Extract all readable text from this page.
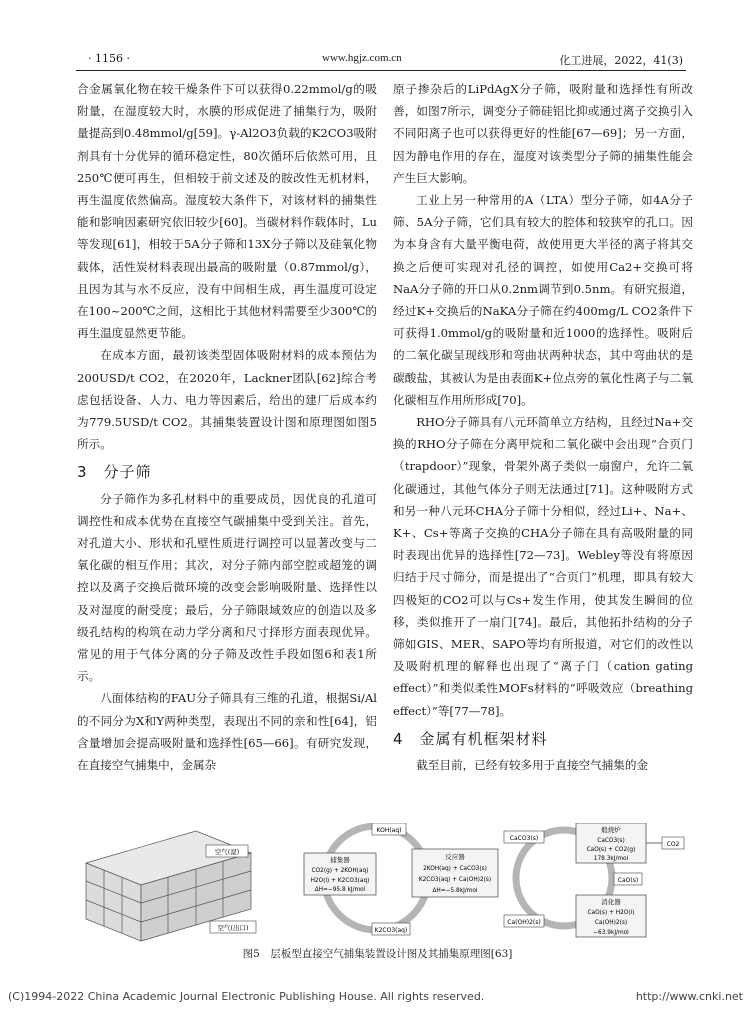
· 1156 ·	www.hgjz.com.cn	化工进展，2022，41(3)

合金属氧化物在较干燥条件下可以获得0.22mmol/g的吸附量，在湿度较大时，水膜的形成促进了捕集行为，吸附量提高到0.48mmol/g[59]。γ-Al2O3负载的K2CO3吸附剂具有十分优异的循环稳定性，80次循环后依然可用，且250℃便可再生，但相较于前文述及的胺改性无机材料，再生温度依然偏高。湿度较大条件下，对该材料的捕集性能和影响因素研究依旧较少[60]。当碳材料作载体时，Lu等发现[61]，相较于5A分子筛和13X分子筛以及硅氧化物载体，活性炭材料表现出最高的吸附量（0.87mmol/g），且因为其与水不反应，没有中间相生成，再生温度可设定在100~200℃之间，这相比于其他材料需要至少300℃的再生温度显然更节能。

在成本方面，最初该类型固体吸附材料的成本预估为200USD/t CO2，在2020年，Lackner团队[62]综合考虑包括设备、人力、电力等因素后，给出的建厂后成本约为779.5USD/t CO2。其捕集装置设计图和原理图如图5所示。

3　分子筛

分子筛作为多孔材料中的重要成员，因优良的孔道可调控性和成本优势在直接空气碳捕集中受到关注。首先，对孔道大小、形状和孔壁性质进行调控可以显著改变与二氧化碳的相互作用；其次，对分子筛内部空腔或超笼的调控以及离子交换后微环境的改变会影响吸附量、选择性以及对湿度的耐受度；最后，分子筛限域效应的创造以及多级孔结构的构筑在动力学分离和尺寸择形方面表现优异。常见的用于气体分离的分子筛及改性手段如图6和表1所示。

八面体结构的FAU分子筛具有三维的孔道，根据Si/Al的不同分为X和Y两种类型，表现出不同的亲和性[64]，铝含量增加会提高吸附量和选择性[65—66]。有研究发现，在直接空气捕集中，金属杂

原子掺杂后的LiPdAgX分子筛，吸附量和选择性有所改善，如图7所示，调变分子筛硅铝比抑或通过离子交换引入不同阳离子也可以获得更好的性能[67—69]；另一方面，因为静电作用的存在，湿度对该类型分子筛的捕集性能会产生巨大影响。

工业上另一种常用的A（LTA）型分子筛，如4A分子筛、5A分子筛，它们具有较大的腔体和较狭窄的孔口。因为本身含有大量平衡电荷，故使用更大半径的离子将其交换之后便可实现对孔径的调控，如使用Ca2+交换可将NaA分子筛的开口从0.2nm调节到0.5nm。有研究报道，经过K+交换后的NaKA分子筛在约400mg/L CO2条件下可获得1.0mmol/g的吸附量和近1000的选择性。吸附后的二氧化碳呈现线形和弯曲状两种状态，其中弯曲状的是碳酸盐，其被认为是由表面K+位点旁的氧化性离子与二氧化碳相互作用所形成[70]。

RHO分子筛具有八元环简单立方结构，且经过Na+交换的RHO分子筛在分离甲烷和二氧化碳中会出现“合页门（trapdoor）”现象，骨架外离子类似一扇窗户，允许二氧化碳通过，其他气体分子则无法通过[71]。这种吸附方式和另一种八元环CHA分子筛十分相似，经过Li+、Na+、K+、Cs+等离子交换的CHA分子筛在具有高吸附量的同时表现出优异的选择性[72—73]。Webley等没有将原因归结于尺寸筛分，而是提出了“合页门”机理，即具有较大四极矩的CO2可以与Cs+发生作用，使其发生瞬间的位移，类似推开了一扇门[74]。最后，其他拓扑结构的分子筛如GIS、MER、SAPO等均有所报道，对它们的改性以及吸附机理的解释也出现了“离子门（cation gating effect）”和类似柔性MOFs材料的“呼吸效应（breathing effect）”等[77—78]。

4　金属有机框架材料

截至目前，已经有较多用于直接空气捕集的金

空气(湿)
空气(出口)
捕集器
CO2(g) + 2KOH(aq)
H2O(l) + K2CO3(aq)
ΔH=−95.8 kJ/mol
KOH(aq)
K2CO3(aq)
反应器
2KOH(aq) + CaCO3(s)
K2CO3(aq) + Ca(OH)2(s)
ΔH=−5.8kJ/mol
CaCO3(s)
Ca(OH)2(s)
煅烧炉
CaCO3(s)
CaO(s) + CO2(g)
178.3kJ/mol
CO2
CaO(s)
消化器
CaO(s) + H2O(l)
Ca(OH)2(s)
−63.9kJ/mol
图5　层板型直接空气捕集装置设计图及其捕集原理图[63]
(C)1994-2022 China Academic Journal Electronic Publishing House. All rights reserved.	http://www.cnki.net
